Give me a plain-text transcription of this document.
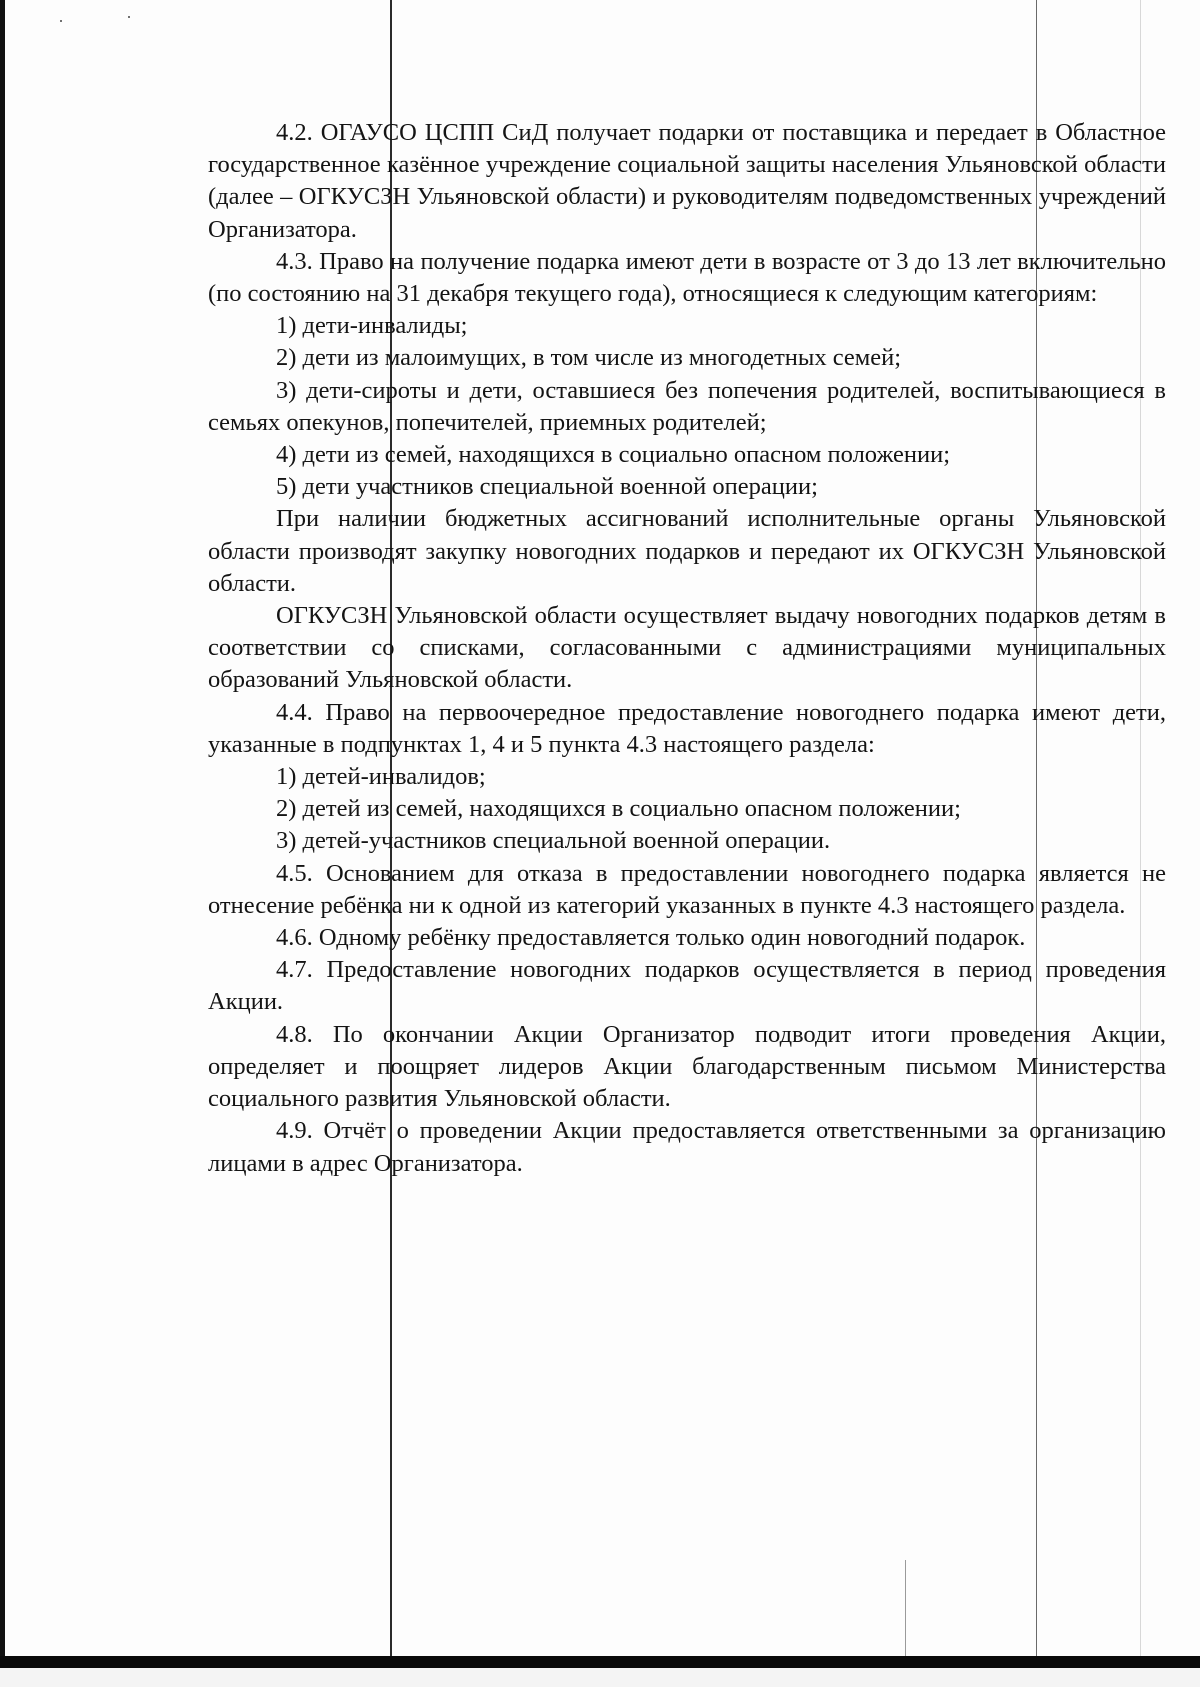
4.2. ОГАУСО ЦСПП СиД получает подарки от поставщика и передает в Областное государственное казённое учреждение социальной защиты населения Ульяновской области (далее – ОГКУСЗН Ульяновской области) и руководителям подведомственных учреждений Организатора.

4.3. Право на получение подарка имеют дети в возрасте от 3 до 13 лет включительно (по состоянию на 31 декабря текущего года), относящиеся к следующим категориям:

1) дети-инвалиды;

2) дети из малоимущих, в том числе из многодетных семей;

3) дети-сироты и дети, оставшиеся без попечения родителей, воспитывающиеся в семьях опекунов, попечителей, приемных родителей;

4) дети из семей, находящихся в социально опасном положении;

5) дети участников специальной военной операции;

При наличии бюджетных ассигнований исполнительные органы Ульяновской области производят закупку новогодних подарков и передают их ОГКУСЗН Ульяновской области.

ОГКУСЗН Ульяновской области осуществляет выдачу новогодних подарков детям в соответствии со списками, согласованными с администрациями муниципальных образований Ульяновской области.

4.4. Право на первоочередное предоставление новогоднего подарка имеют дети, указанные в подпунктах 1, 4 и 5 пункта 4.3 настоящего раздела:

1) детей-инвалидов;

2) детей из семей, находящихся в социально опасном положении;

3) детей-участников специальной военной операции.

4.5. Основанием для отказа в предоставлении новогоднего подарка является не отнесение ребёнка ни к одной из категорий указанных в пункте 4.3 настоящего раздела.

4.6. Одному ребёнку предоставляется только один новогодний подарок.

4.7. Предоставление новогодних подарков осуществляется в период проведения Акции.

4.8. По окончании Акции Организатор подводит итоги проведения Акции, определяет и поощряет лидеров Акции благодарственным письмом Министерства социального развития Ульяновской области.

4.9. Отчёт о проведении Акции предоставляется ответственными за организацию лицами в адрес Организатора.
